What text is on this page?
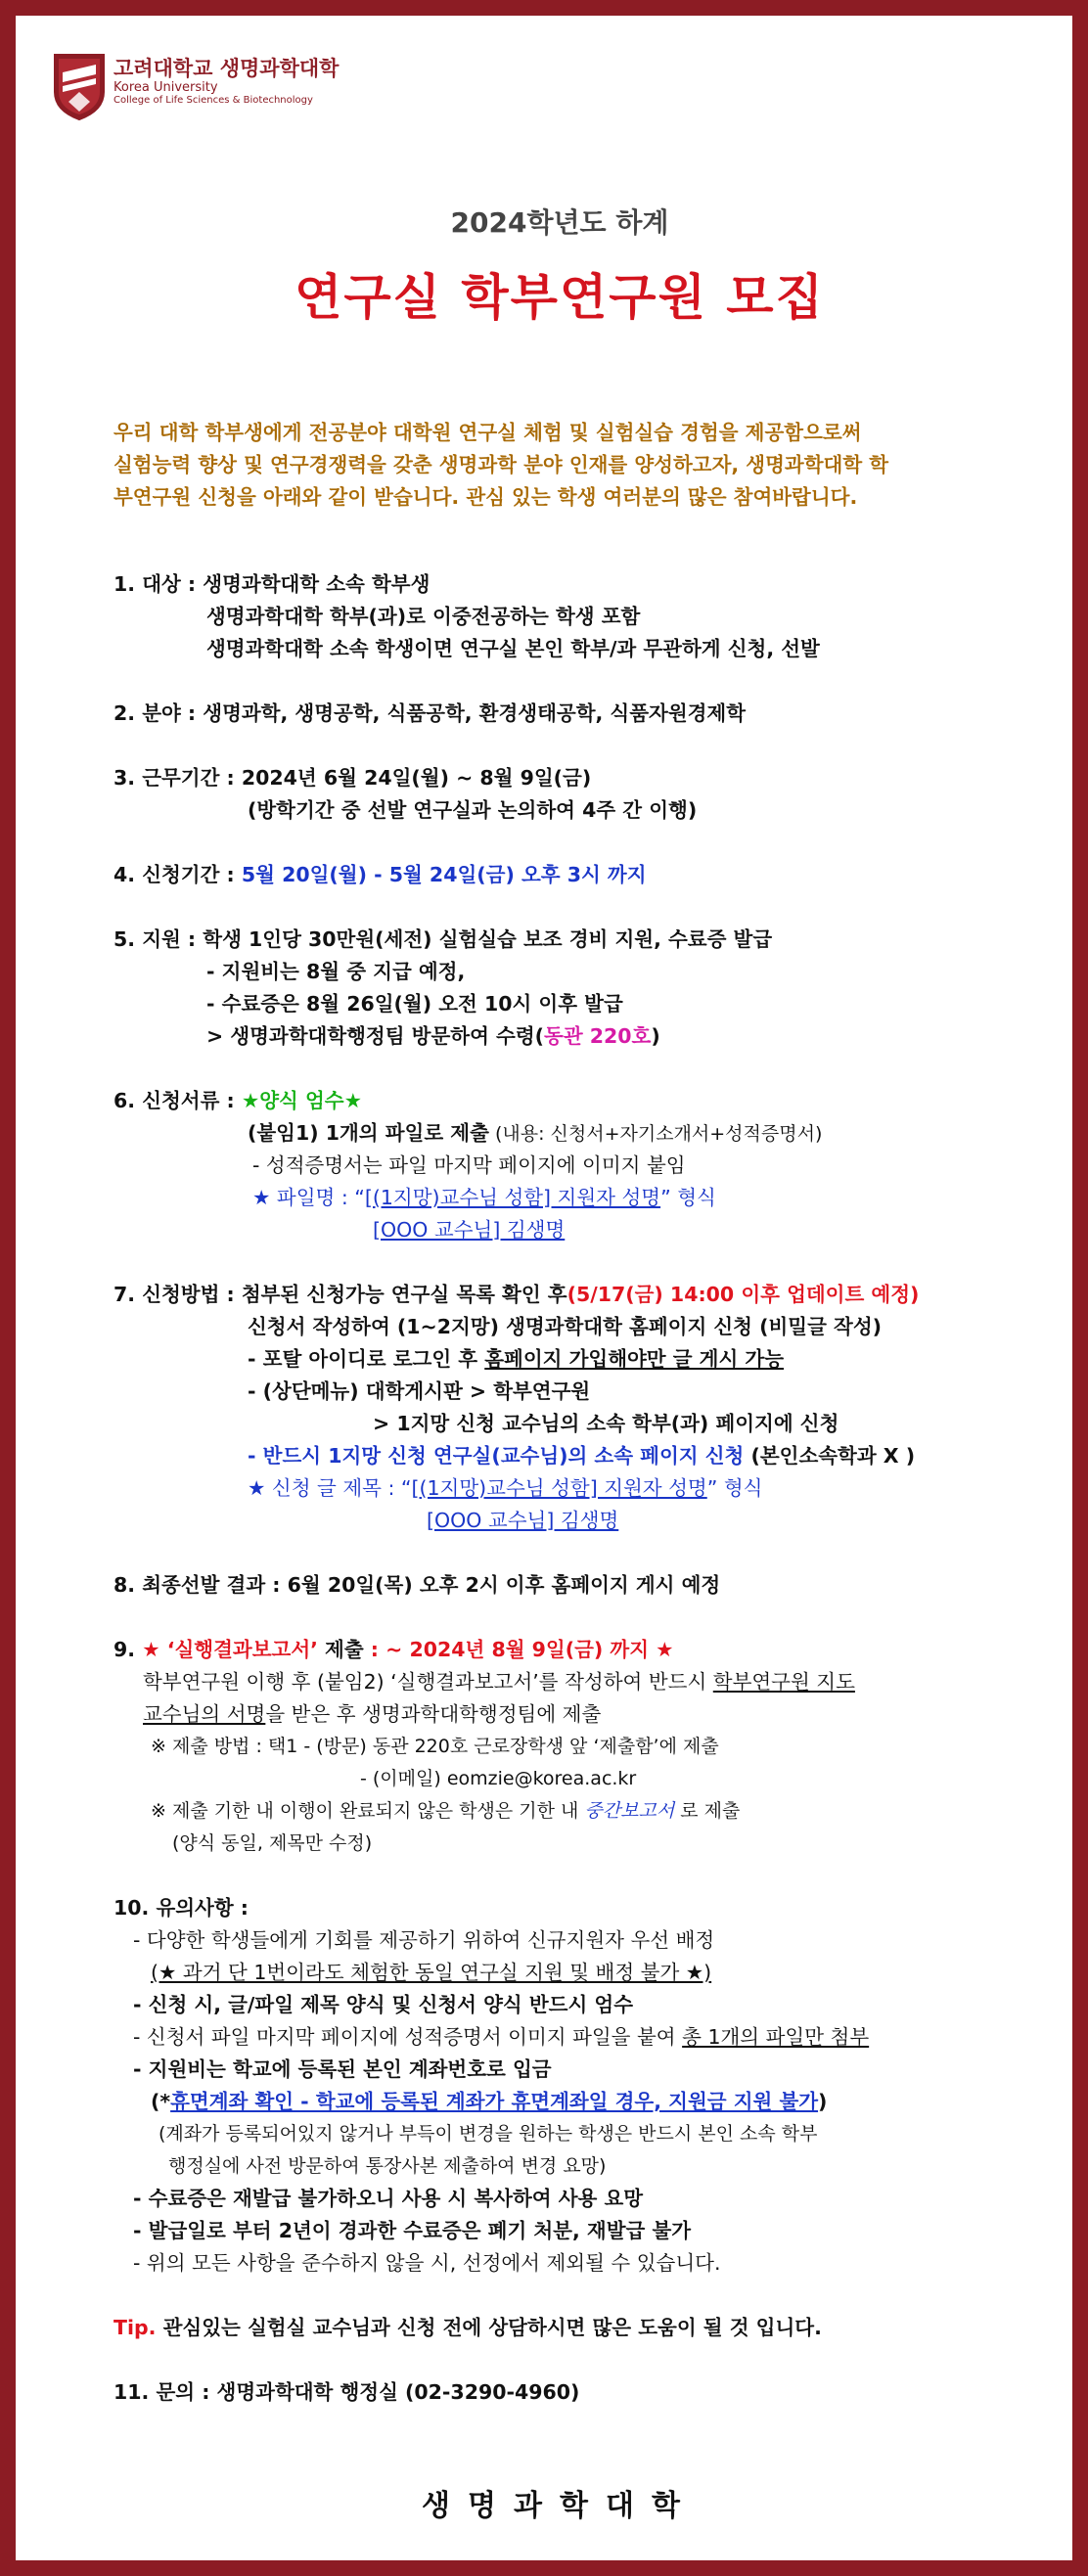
고려대학교 생명과학대학
Korea University
College of Life Sciences & Biotechnology
2024학년도 하계
연구실 학부연구원 모집
우리 대학 학부생에게 전공분야 대학원 연구실 체험 및 실험실습 경험을 제공함으로써
실험능력 향상 및 연구경쟁력을 갖춘 생명과학 분야 인재를 양성하고자, 생명과학대학 학
부연구원 신청을 아래와 같이 받습니다. 관심 있는 학생 여러분의 많은 참여바랍니다.
1. 대상 : 생명과학대학 소속 학부생
생명과학대학 학부(과)로 이중전공하는 학생 포함
생명과학대학 소속 학생이면 연구실 본인 학부/과 무관하게 신청, 선발
2. 분야 : 생명과학, 생명공학, 식품공학, 환경생태공학, 식품자원경제학
3. 근무기간 : 2024년 6월 24일(월) ~ 8월 9일(금)
(방학기간 중 선발 연구실과 논의하여 4주 간 이행)
4. 신청기간 : 5월 20일(월) - 5월 24일(금) 오후 3시 까지
5. 지원 : 학생 1인당 30만원(세전) 실험실습 보조 경비 지원, 수료증 발급
- 지원비는 8월 중 지급 예정,
- 수료증은 8월 26일(월) 오전 10시 이후 발급
> 생명과학대학행정팀 방문하여 수령(동관 220호)
6. 신청서류 : ★양식 엄수★
(붙임1) 1개의 파일로 제출 (내용: 신청서+자기소개서+성적증명서)
- 성적증명서는 파일 마지막 페이지에 이미지 붙임
★ 파일명 : “[(1지망)교수님 성함] 지원자 성명” 형식
[OOO 교수님] 김생명
7. 신청방법 : 첨부된 신청가능 연구실 목록 확인 후(5/17(금) 14:00 이후 업데이트 예정)
신청서 작성하여 (1~2지망) 생명과학대학 홈페이지 신청 (비밀글 작성)
- 포탈 아이디로 로그인 후 홈페이지 가입해야만 글 게시 가능
- (상단메뉴) 대학게시판 > 학부연구원
> 1지망 신청 교수님의 소속 학부(과) 페이지에 신청
- 반드시 1지망 신청 연구실(교수님)의 소속 페이지 신청 (본인소속학과 X )
★ 신청 글 제목 : “[(1지망)교수님 성함] 지원자 성명” 형식
[OOO 교수님] 김생명
8. 최종선발 결과 : 6월 20일(목) 오후 2시 이후 홈페이지 게시 예정
9. ★ ‘실행결과보고서’ 제출 : ~ 2024년 8월 9일(금) 까지 ★
학부연구원 이행 후 (붙임2) ‘실행결과보고서’를 작성하여 반드시 학부연구원 지도
교수님의 서명을 받은 후 생명과학대학행정팀에 제출
※ 제출 방법 : 택1 - (방문) 동관 220호 근로장학생 앞 ‘제출함’에 제출
- (이메일) eomzie@korea.ac.kr
※ 제출 기한 내 이행이 완료되지 않은 학생은 기한 내 중간보고서 로 제출
(양식 동일, 제목만 수정)
10. 유의사항 :
- 다양한 학생들에게 기회를 제공하기 위하여 신규지원자 우선 배정
(★ 과거 단 1번이라도 체험한 동일 연구실 지원 및 배정 불가 ★)
- 신청 시, 글/파일 제목 양식 및 신청서 양식 반드시 엄수
- 신청서 파일 마지막 페이지에 성적증명서 이미지 파일을 붙여 총 1개의 파일만 첨부
- 지원비는 학교에 등록된 본인 계좌번호로 입금
(*휴면계좌 확인 - 학교에 등록된 계좌가 휴면계좌일 경우, 지원금 지원 불가)
(계좌가 등록되어있지 않거나 부득이 변경을 원하는 학생은 반드시 본인 소속 학부
행정실에 사전 방문하여 통장사본 제출하여 변경 요망)
- 수료증은 재발급 불가하오니 사용 시 복사하여 사용 요망
- 발급일로 부터 2년이 경과한 수료증은 폐기 처분, 재발급 불가
- 위의 모든 사항을 준수하지 않을 시, 선정에서 제외될 수 있습니다.
Tip. 관심있는 실험실 교수님과 신청 전에 상담하시면 많은 도움이 될 것 입니다.
11. 문의 : 생명과학대학 행정실 (02-3290-4960)
생명과학대학
